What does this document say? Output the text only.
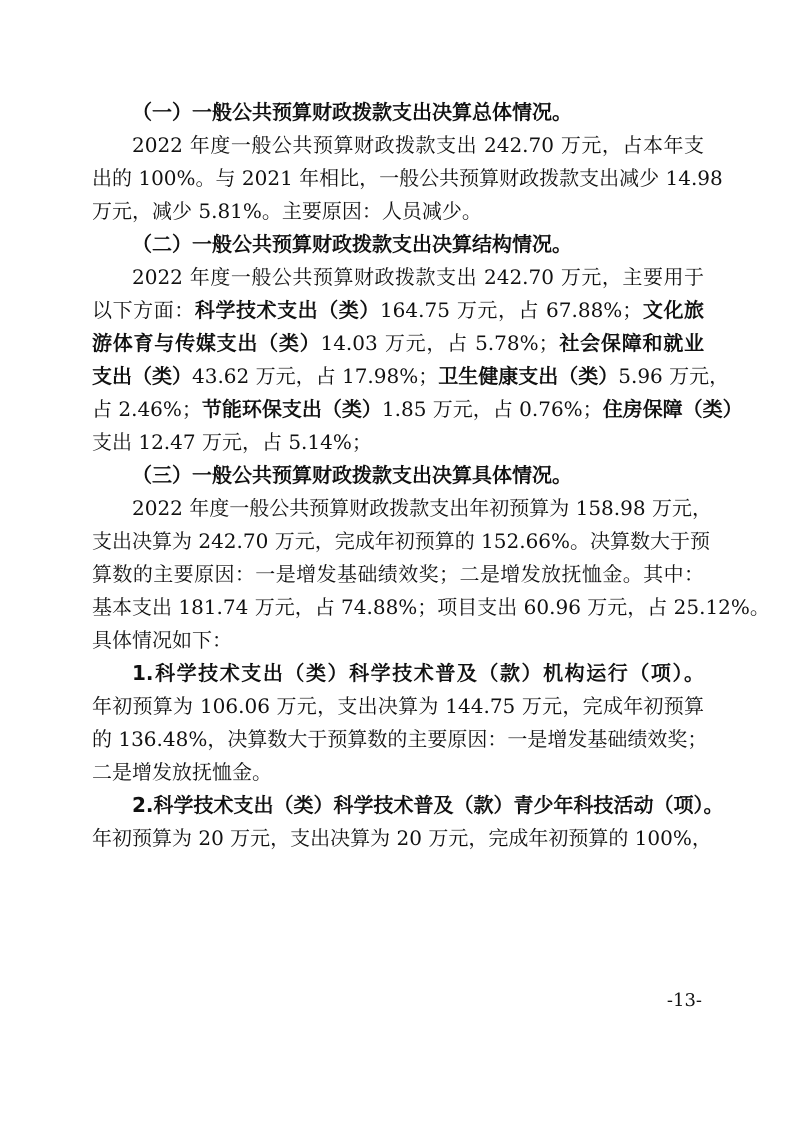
（一）一般公共预算财政拨款支出决算总体情况。
2022 年度一般公共预算财政拨款支出 242.70 万元，占本年支
出的 100%。与 2021 年相比，一般公共预算财政拨款支出减少 14.98
万元，减少 5.81%。主要原因：人员减少。
（二）一般公共预算财政拨款支出决算结构情况。
2022 年度一般公共预算财政拨款支出 242.70 万元，主要用于
以下方面：科学技术支出（类）164.75 万元，占 67.88%；文化旅
游体育与传媒支出（类）14.03 万元，占 5.78%；社会保障和就业
支出（类）43.62 万元，占 17.98%；卫生健康支出（类）5.96 万元，
占 2.46%；节能环保支出（类）1.85 万元，占 0.76%；住房保障（类）
支出 12.47 万元，占 5.14%；
（三）一般公共预算财政拨款支出决算具体情况。
2022 年度一般公共预算财政拨款支出年初预算为 158.98 万元，
支出决算为 242.70 万元，完成年初预算的 152.66%。决算数大于预
算数的主要原因：一是增发基础绩效奖；二是增发放抚恤金。其中：
基本支出 181.74 万元，占 74.88%；项目支出 60.96 万元，占 25.12%。
具体情况如下：
1.科学技术支出（类）科学技术普及（款）机构运行（项）。
年初预算为 106.06 万元，支出决算为 144.75 万元，完成年初预算
的 136.48%，决算数大于预算数的主要原因：一是增发基础绩效奖；
二是增发放抚恤金。
2.科学技术支出（类）科学技术普及（款）青少年科技活动（项）。
年初预算为 20 万元，支出决算为 20 万元，完成年初预算的 100%，
-13-
